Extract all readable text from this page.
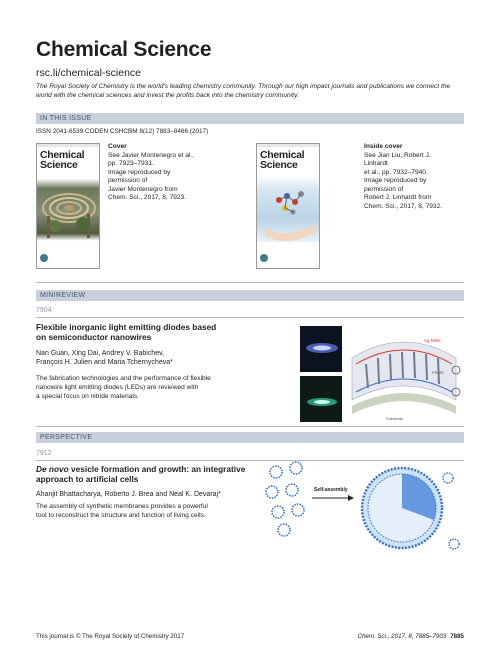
Chemical Science
rsc.li/chemical-science
The Royal Society of Chemistry is the world's leading chemistry community. Through our high impact journals and publications we connect the world with the chemical sciences and invest the profits back into the chemistry community.
IN THIS ISSUE
ISSN 2041-6539 CODEN CSHCBM 8(12) 7883–8466 (2017)
Chemical Science
Cover
See Javier Montenegro et al.,
pp. 7923–7931.
Image reproduced by
permission of
Javier Montenegro from
Chem. Sci., 2017, 8, 7923.
Chemical Science
Inside cover
See Jian Liu, Robert J. Linhardt
et al., pp. 7932–7940.
Image reproduced by
permission of
Robert J. Linhardt from
Chem. Sci., 2017, 8, 7932.
MINIREVIEW
7904
Flexible inorganic light emitting diodes based
on semiconductor nanowires
Nan Guan, Xing Dai, Andrey V. Babichev,
François H. Julien and Maria Tchernycheva*
The fabrication technologies and the performance of flexible
nanowire light emitting diodes (LEDs) are reviewed with
a special focus on nitride materials.
Ag NWs
PDMS
Substrate
PERSPECTIVE
7912
De novo vesicle formation and growth: an integrative
approach to artificial cells
Ahanjit Bhattacharya, Roberto J. Brea and Neal K. Devaraj*
The assembly of synthetic membranes provides a powerful
tool to reconstruct the structure and function of living cells.
Self-assembly
This journal is © The Royal Society of Chemistry 2017	Chem. Sci., 2017, 8, 7885–7903 7885
